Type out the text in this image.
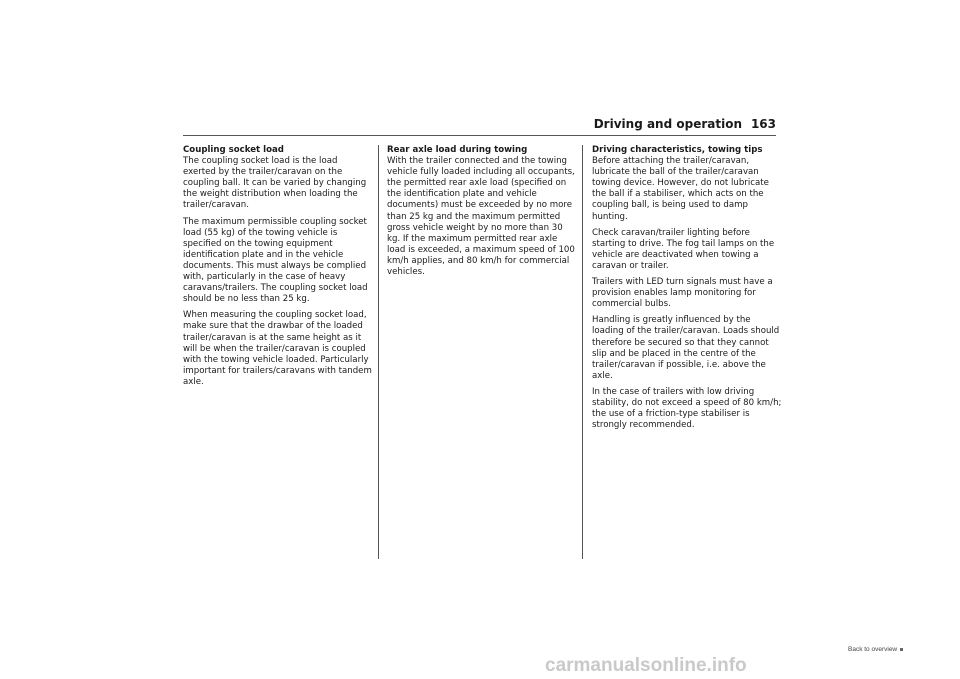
Driving and operation 163
Coupling socket load

The coupling socket load is the load exerted by the trailer/caravan on the coupling ball. It can be varied by changing the weight distribution when loading the trailer/caravan.

The maximum permissible coupling socket load (55 kg) of the towing vehicle is specified on the towing equipment identification plate and in the vehicle documents. This must always be complied with, particularly in the case of heavy caravans/trailers. The coupling socket load should be no less than 25 kg.

When measuring the coupling socket load, make sure that the drawbar of the loaded trailer/caravan is at the same height as it will be when the trailer/caravan is coupled with the towing vehicle loaded. Particularly important for trailers/caravans with tandem axle.

Rear axle load during towing

With the trailer connected and the towing vehicle fully loaded including all occupants, the permitted rear axle load (specified on the identification plate and vehicle documents) must be exceeded by no more than 25 kg and the maximum permitted gross vehicle weight by no more than 30 kg. If the maximum permitted rear axle load is exceeded, a maximum speed of 100 km/h applies, and 80 km/h for commercial vehicles.

Driving characteristics, towing tips

Before attaching the trailer/caravan, lubricate the ball of the trailer/caravan towing device. However, do not lubricate the ball if a stabiliser, which acts on the coupling ball, is being used to damp hunting.

Check caravan/trailer lighting before starting to drive. The fog tail lamps on the vehicle are deactivated when towing a caravan or trailer.

Trailers with LED turn signals must have a provision enables lamp monitoring for commercial bulbs.

Handling is greatly influenced by the loading of the trailer/caravan. Loads should therefore be secured so that they cannot slip and be placed in the centre of the trailer/caravan if possible, i.e. above the axle.

In the case of trailers with low driving stability, do not exceed a speed of 80 km/h; the use of a friction-type stabiliser is strongly recommended.

Back to overview
carmanualsonline.info
